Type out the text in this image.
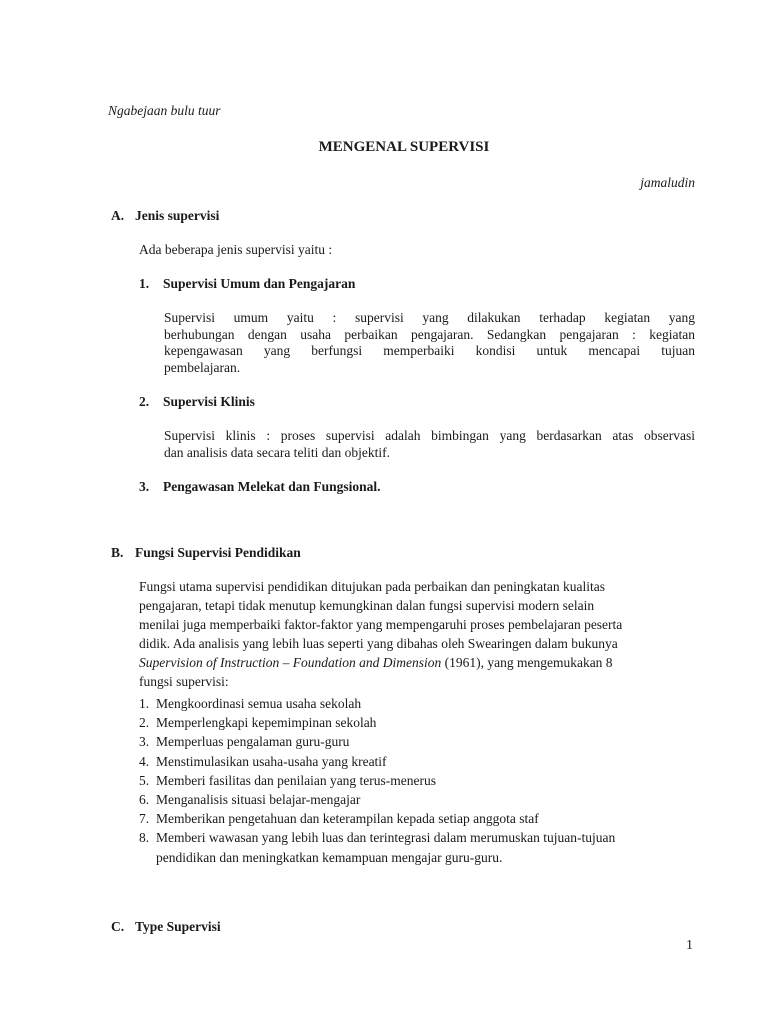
Ngabejaan bulu tuur
MENGENAL SUPERVISI
jamaludin
A. Jenis supervisi
Ada beberapa jenis supervisi yaitu :
1. Supervisi Umum dan Pengajaran
Supervisi umum yaitu : supervisi yang dilakukan terhadap kegiatan yang
berhubungan dengan usaha perbaikan pengajaran. Sedangkan pengajaran : kegiatan
kepengawasan yang berfungsi memperbaiki kondisi untuk mencapai tujuan
pembelajaran.
2. Supervisi Klinis
Supervisi klinis : proses supervisi adalah bimbingan yang berdasarkan atas observasi
dan analisis data secara teliti dan objektif.
3. Pengawasan Melekat dan Fungsional.
B. Fungsi Supervisi Pendidikan
Fungsi utama supervisi pendidikan ditujukan pada perbaikan dan peningkatan kualitas
pengajaran, tetapi tidak menutup kemungkinan dalan fungsi supervisi modern selain
menilai juga memperbaiki faktor-faktor yang mempengaruhi proses pembelajaran peserta
didik. Ada analisis yang lebih luas seperti yang dibahas oleh Swearingen dalam bukunya
Supervision of Instruction – Foundation and Dimension (1961), yang mengemukakan 8
fungsi supervisi:
1. Mengkoordinasi semua usaha sekolah
2. Memperlengkapi kepemimpinan sekolah
3. Memperluas pengalaman guru-guru
4. Menstimulasikan usaha-usaha yang kreatif
5. Memberi fasilitas dan penilaian yang terus-menerus
6. Menganalisis situasi belajar-mengajar
7. Memberikan pengetahuan dan keterampilan kepada setiap anggota staf
8. Memberi wawasan yang lebih luas dan terintegrasi dalam merumuskan tujuan-tujuan
pendidikan dan meningkatkan kemampuan mengajar guru-guru.
C. Type Supervisi
1
